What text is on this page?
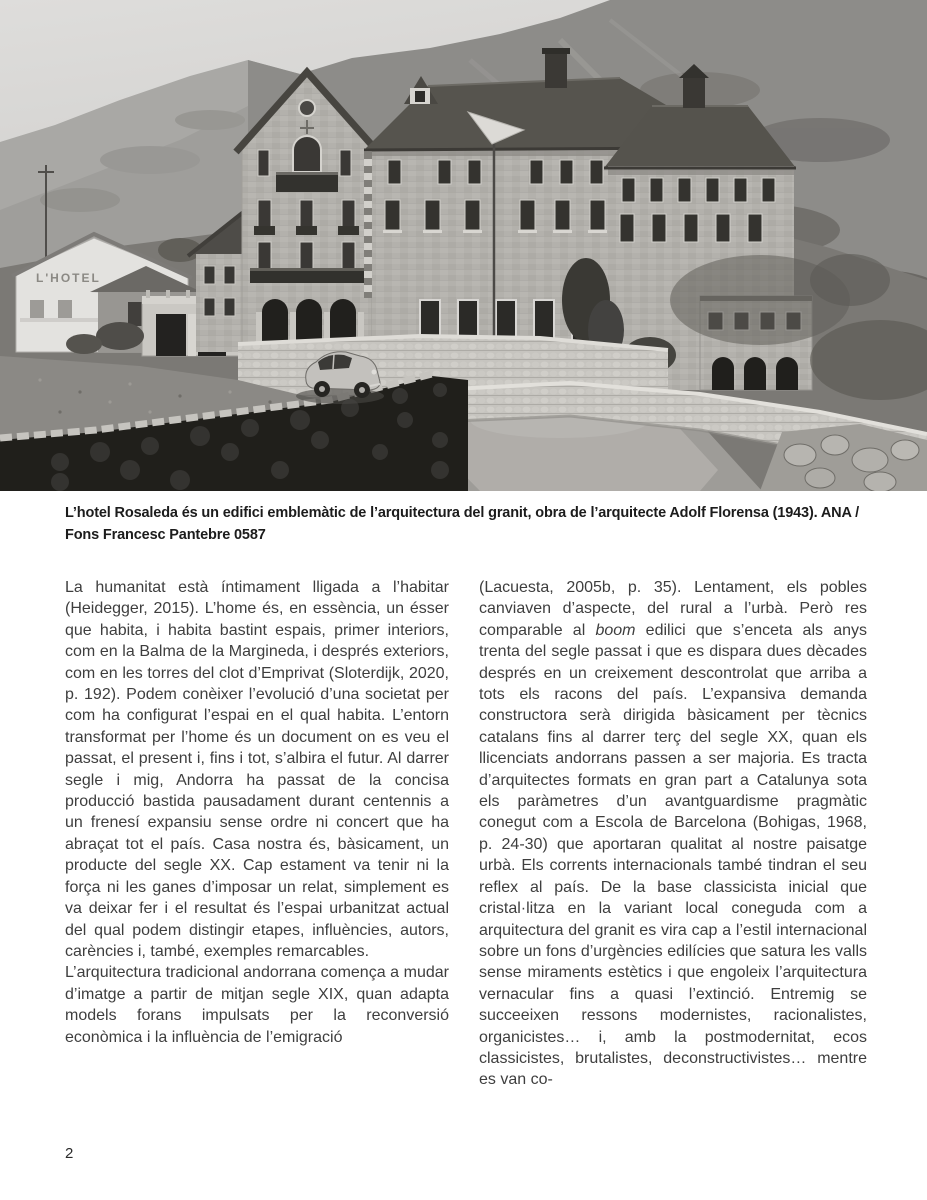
L'HOTEL
L’hotel Rosaleda és un edifici emblemàtic de l’arquitectura del granit, obra de l’arquitecte Adolf Florensa (1943). ANA / Fons Francesc Pantebre 0587

La humanitat està íntimament lligada a l’habitar (Heidegger, 2015). L’home és, en essència, un ésser que habita, i habita bastint espais, primer interiors, com en la Balma de la Margineda, i després exteriors, com en les torres del clot d’Emprivat (Sloterdijk, 2020, p. 192). Podem conèixer l’evolució d’una societat per com ha configurat l’espai en el qual habita. L’entorn transformat per l’home és un document on es veu el passat, el present i, fins i tot, s’albira el futur. Al darrer segle i mig, Andorra ha passat de la concisa producció bastida pausadament durant centennis a un frenesí expansiu sense ordre ni concert que ha abraçat tot el país. Casa nostra és, bàsicament, un producte del segle XX. Cap estament va tenir ni la força ni les ganes d’imposar un relat, simplement es va deixar fer i el resultat és l’espai urbanitzat actual del qual podem distingir etapes, influències, autors, carències i, també, exemples remarcables.

L’arquitectura tradicional andorrana comença a mudar d’imatge a partir de mitjan segle XIX, quan adapta models forans impulsats per la reconversió econòmica i la influència de l’emigració

(Lacuesta, 2005b, p. 35). Lentament, els pobles canviaven d’aspecte, del rural a l’urbà. Però res comparable al boom edilici que s’enceta als anys trenta del segle passat i que es dispara dues dècades després en un creixement descontrolat que arriba a tots els racons del país. L’expansiva demanda constructora serà dirigida bàsicament per tècnics catalans fins al darrer terç del segle XX, quan els llicenciats andorrans passen a ser majoria. Es tracta d’arquitectes formats en gran part a Catalunya sota els paràmetres d’un avantguardisme pragmàtic conegut com a Escola de Barcelona (Bohigas, 1968, p. 24-30) que aportaran qualitat al nostre paisatge urbà. Els corrents internacionals també tindran el seu reflex al país. De la base classicista inicial que cristal·litza en la variant local coneguda com a arquitectura del granit es vira cap a l’estil internacional sobre un fons d’urgències edilícies que satura les valls sense miraments estètics i que engoleix l’arquitectura vernacular fins a quasi l’extinció. Entremig se succeeixen ressons modernistes, racionalistes, organicistes… i, amb la postmodernitat, ecos classicistes, brutalistes, deconstructivistes… mentre es van co-

2
